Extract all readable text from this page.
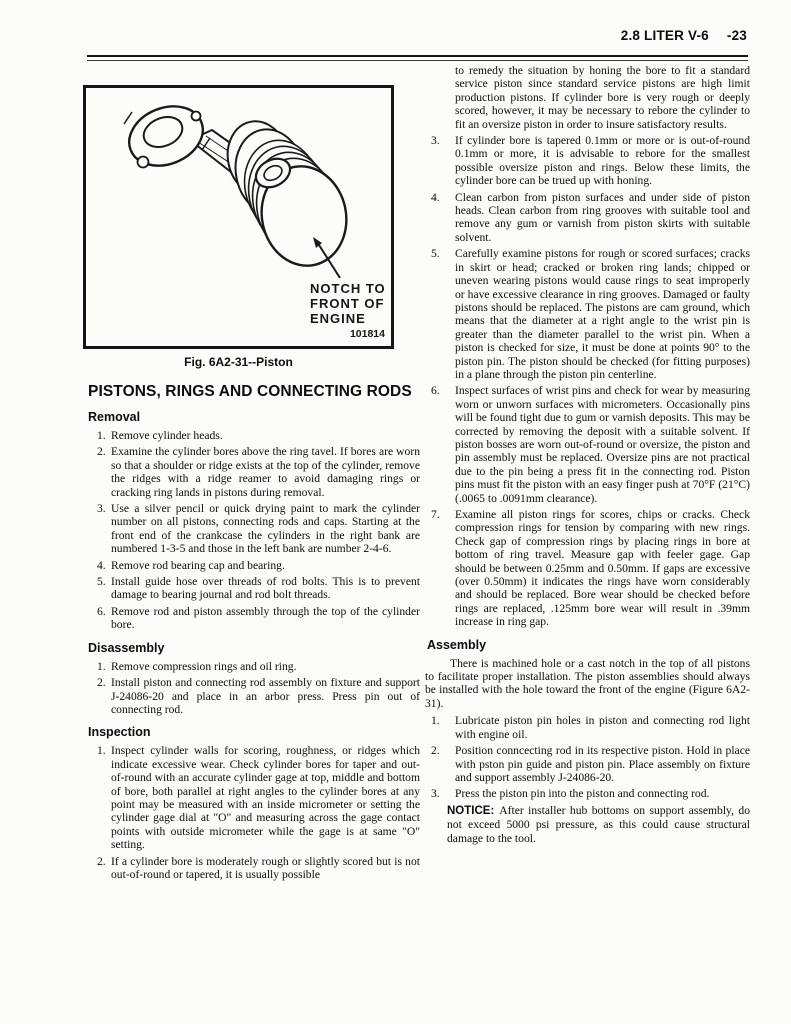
2.8 LITER V-6 -23
NOTCH TO
FRONT OF
ENGINE
101814
Fig. 6A2-31--Piston
PISTONS, RINGS AND CONNECTING RODS
Removal
1. Remove cylinder heads.
2. Examine the cylinder bores above the ring tavel. If bores are worn so that a shoulder or ridge exists at the top of the cylinder, remove the ridges with a ridge reamer to avoid damaging rings or cracking ring lands in pistons during removal.
3. Use a silver pencil or quick drying paint to mark the cylinder number on all pistons, connecting rods and caps. Starting at the front end of the crankcase the cylinders in the right bank are numbered 1-3-5 and those in the left bank are number 2-4-6.
4. Remove rod bearing cap and bearing.
5. Install guide hose over threads of rod bolts. This is to prevent damage to bearing journal and rod bolt threads.
6. Remove rod and piston assembly through the top of the cylinder bore.
Disassembly
1. Remove compression rings and oil ring.
2. Install piston and connecting rod assembly on fixture and support J-24086-20 and place in an arbor press. Press pin out of connecting rod.
Inspection
1. Inspect cylinder walls for scoring, roughness, or ridges which indicate excessive wear. Check cylinder bores for taper and out-of-round with an accurate cylinder gage at top, middle and bottom of bore, both parallel at right angles to the cylinder bores at any point may be measured with an inside micrometer or setting the cylinder gage dial at "O" and measuring across the gage contact points with outside micrometer while the gage is at same "O" setting.
2. If a cylinder bore is moderately rough or slightly scored but is not out-of-round or tapered, it is usually possible
to remedy the situation by honing the bore to fit a standard service piston since standard service pistons are high limit production pistons. If cylinder bore is very rough or deeply scored, however, it may be necessary to rebore the cylinder to fit an oversize piston in order to insure satisfactory results.
3. If cylinder bore is tapered 0.1mm or more or is out-of-round 0.1mm or more, it is advisable to rebore for the smallest possible oversize piston and rings. Below these limits, the cylinder bore can be trued up with honing.
4. Clean carbon from piston surfaces and under side of piston heads. Clean carbon from ring grooves with suitable tool and remove any gum or varnish from piston skirts with suitable solvent.
5. Carefully examine pistons for rough or scored surfaces; cracks in skirt or head; cracked or broken ring lands; chipped or uneven wearing pistons would cause rings to seat improperly or have excessive clearance in ring grooves. Damaged or faulty pistons should be replaced. The pistons are cam ground, which means that the diameter at a right angle to the wrist pin is greater than the diameter parallel to the wrist pin. When a piston is checked for size, it must be done at points 90° to the piston pin. The piston should be checked (for fitting purposes) in a plane through the piston pin centerline.
6. Inspect surfaces of wrist pins and check for wear by measuring worn or unworn surfaces with micrometers. Occasionally pins will be found tight due to gum or varnish deposits. This may be corrected by removing the deposit with a suitable solvent. If piston bosses are worn out-of-round or oversize, the piston and pin assembly must be replaced. Oversize pins are not practical due to the pin being a press fit in the connecting rod. Piston pins must fit the piston with an easy finger push at 70°F (21°C) (.0065 to .0091mm clearance).
7. Examine all piston rings for scores, chips or cracks. Check compression rings for tension by comparing with new rings. Check gap of compression rings by placing rings in bore at bottom of ring travel. Measure gap with feeler gage. Gap should be between 0.25mm and 0.50mm. If gaps are excessive (over 0.50mm) it indicates the rings have worn considerably and should be replaced. Bore wear should be checked before rings are replaced, .125mm bore wear will result in .39mm increase in ring gap.
Assembly
There is machined hole or a cast notch in the top of all pistons to facilitate proper installation. The piston assemblies should always be installed with the hole toward the front of the engine (Figure 6A2-31).
1. Lubricate piston pin holes in piston and connecting rod light with engine oil.
2. Position conncecting rod in its respective piston. Hold in place with pston pin guide and piston pin. Place assembly on fixture and support assembly J-24086-20.
3. Press the piston pin into the piston and connecting rod.
NOTICE: After installer hub bottoms on support assembly, do not exceed 5000 psi pressure, as this could cause structural damage to the tool.
